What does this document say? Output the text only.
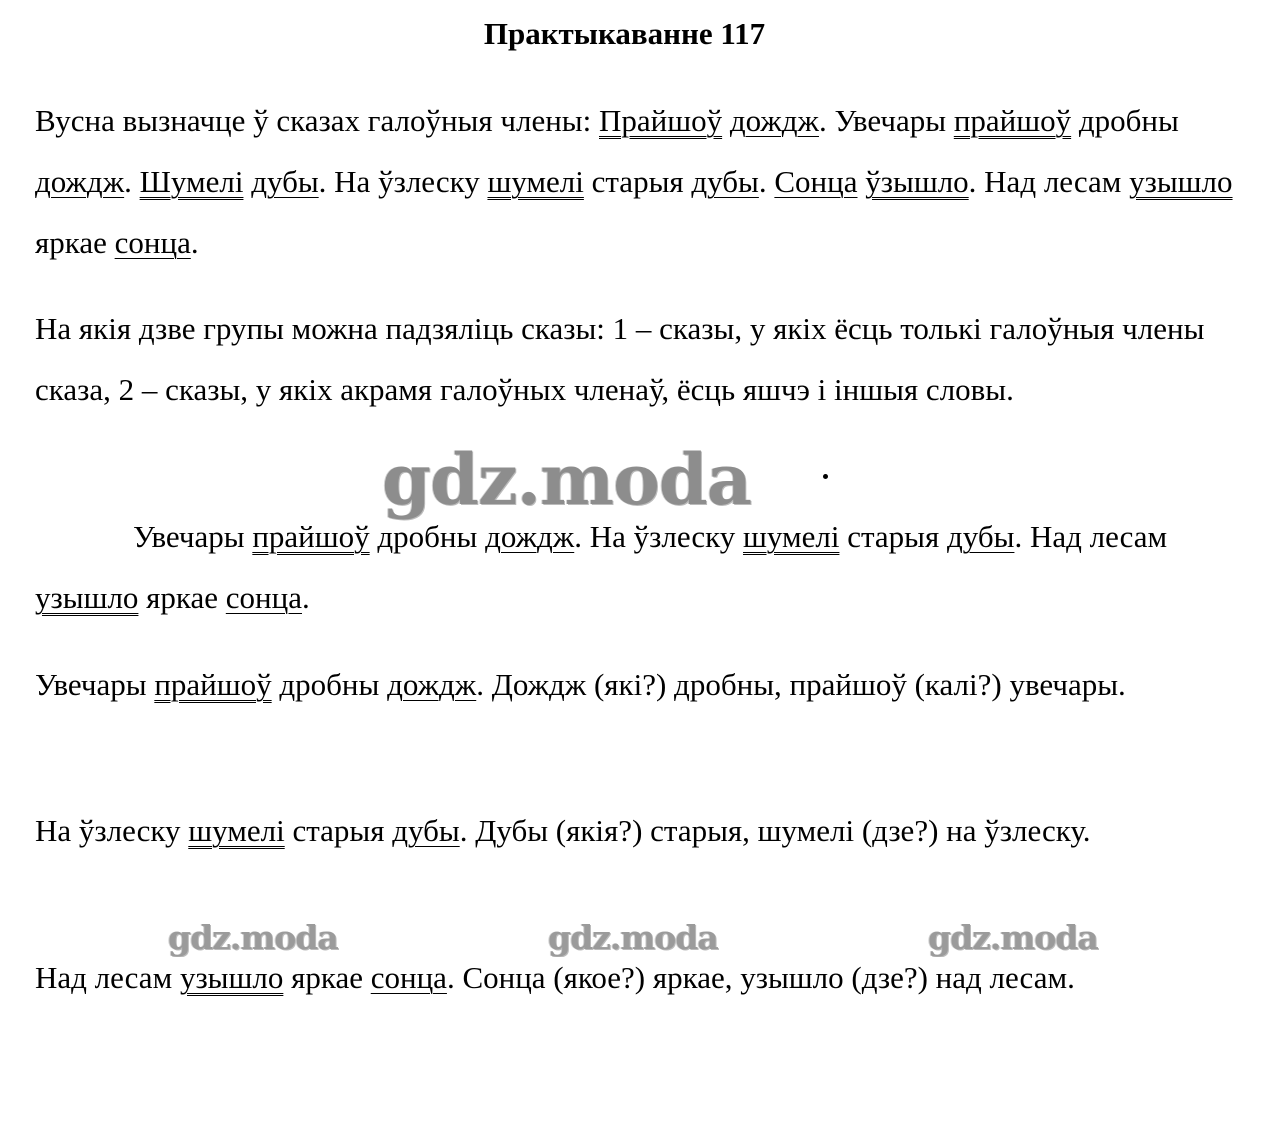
Практыкаванне 117

Вусна вызначце ў сказах галоўныя члены: Прайшоў дождж. Увечары прайшоў дробны дождж. Шумелі дубы. На ўзлеску шумелі старыя дубы. Сонца ўзышло. Над лесам узышло яркае сонца.

На якія дзве групы можна падзяліць сказы: 1 – сказы, у якіх ёсць толькі галоўныя члены сказа, 2 – сказы, у якіх акрамя галоўных членаў, ёсць яшчэ і іншыя словы.

Увечары прайшоў дробны дождж. На ўзлеску шумелі старыя дубы. Над лесам узышло яркае сонца.

Увечары прайшоў дробны дождж. Дождж (які?) дробны, прайшоў (калі?) увечары.

На ўзлеску шумелі старыя дубы. Дубы (якія?) старыя, шумелі (дзе?) на ўзлеску.

Над лесам узышло яркае сонца. Сонца (якое?) яркае, узышло (дзе?) над лесам.

gdz.moda
gdz.moda	gdz.moda	gdz.moda
